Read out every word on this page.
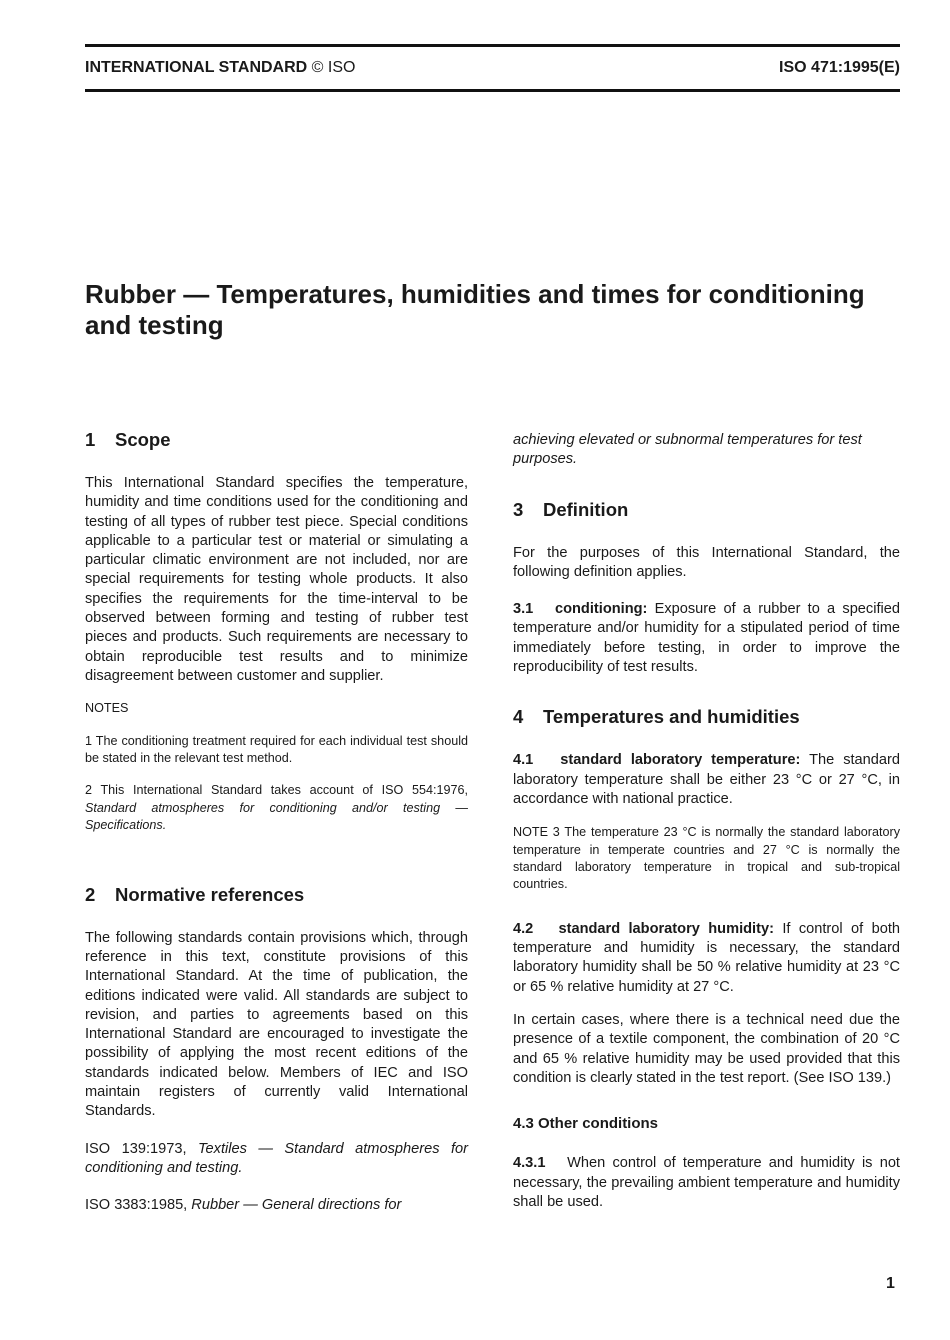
INTERNATIONAL STANDARD © ISO	ISO 471:1995(E)
Rubber — Temperatures, humidities and times for conditioning and testing
1	Scope

This International Standard specifies the temperature, humidity and time conditions used for the conditioning and testing of all types of rubber test piece. Special conditions applicable to a particular test or material or simulating a particular climatic environment are not included, nor are special requirements for testing whole products. It also specifies the requirements for the time-interval to be observed between forming and testing of rubber test pieces and products. Such requirements are necessary to obtain reproducible test results and to minimize disagreement between customer and supplier.

NOTES

1 The conditioning treatment required for each individual test should be stated in the relevant test method.

2 This International Standard takes account of ISO 554:1976, Standard atmospheres for conditioning and/or testing — Specifications.

2	Normative references

The following standards contain provisions which, through reference in this text, constitute provisions of this International Standard. At the time of publication, the editions indicated were valid. All standards are subject to revision, and parties to agreements based on this International Standard are encouraged to investigate the possibility of applying the most recent editions of the standards indicated below. Members of IEC and ISO maintain registers of currently valid International Standards.

ISO 139:1973, Textiles — Standard atmospheres for conditioning and testing.

ISO 3383:1985, Rubber — General directions for

achieving elevated or subnormal temperatures for test purposes.

3	Definition

For the purposes of this International Standard, the following definition applies.

3.1 conditioning: Exposure of a rubber to a specified temperature and/or humidity for a stipulated period of time immediately before testing, in order to improve the reproducibility of test results.

4	Temperatures and humidities

4.1 standard laboratory temperature: The standard laboratory temperature shall be either 23 °C or 27 °C, in accordance with national practice.

NOTE 3 The temperature 23 °C is normally the standard laboratory temperature in temperate countries and 27 °C is normally the standard laboratory temperature in tropical and sub-tropical countries.

4.2 standard laboratory humidity: If control of both temperature and humidity is necessary, the standard laboratory humidity shall be 50 % relative humidity at 23 °C or 65 % relative humidity at 27 °C.

In certain cases, where there is a technical need due the presence of a textile component, the combination of 20 °C and 65 % relative humidity may be used provided that this condition is clearly stated in the test report. (See ISO 139.)

4.3 Other conditions

4.3.1 When control of temperature and humidity is not necessary, the prevailing ambient temperature and humidity shall be used.

1
